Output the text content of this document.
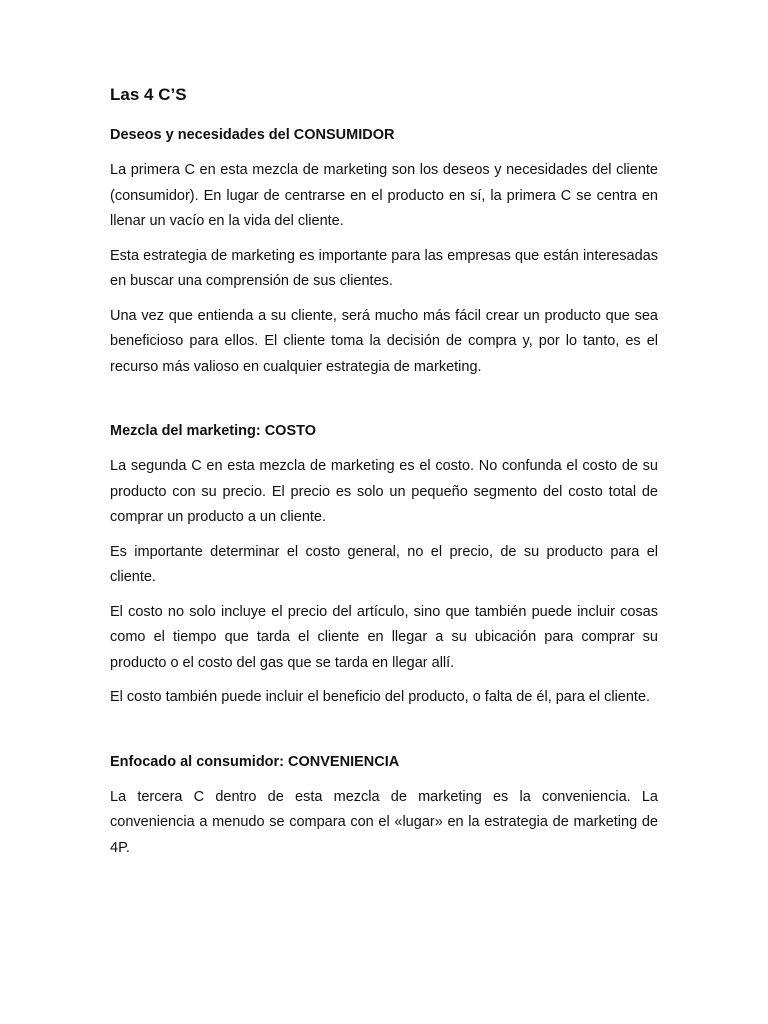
Las 4 C’S
Deseos y necesidades del CONSUMIDOR

La primera C en esta mezcla de marketing son los deseos y necesidades del cliente (consumidor). En lugar de centrarse en el producto en sí, la primera C se centra en llenar un vacío en la vida del cliente.

Esta estrategia de marketing es importante para las empresas que están interesadas en buscar una comprensión de sus clientes.

Una vez que entienda a su cliente, será mucho más fácil crear un producto que sea beneficioso para ellos. El cliente toma la decisión de compra y, por lo tanto, es el recurso más valioso en cualquier estrategia de marketing.

Mezcla del marketing: COSTO

La segunda C en esta mezcla de marketing es el costo. No confunda el costo de su producto con su precio. El precio es solo un pequeño segmento del costo total de comprar un producto a un cliente.

Es importante determinar el costo general, no el precio, de su producto para el cliente.

El costo no solo incluye el precio del artículo, sino que también puede incluir cosas como el tiempo que tarda el cliente en llegar a su ubicación para comprar su producto o el costo del gas que se tarda en llegar allí.

El costo también puede incluir el beneficio del producto, o falta de él, para el cliente.

Enfocado al consumidor: CONVENIENCIA

La tercera C dentro de esta mezcla de marketing es la conveniencia. La conveniencia a menudo se compara con el «lugar» en la estrategia de marketing de 4P.
